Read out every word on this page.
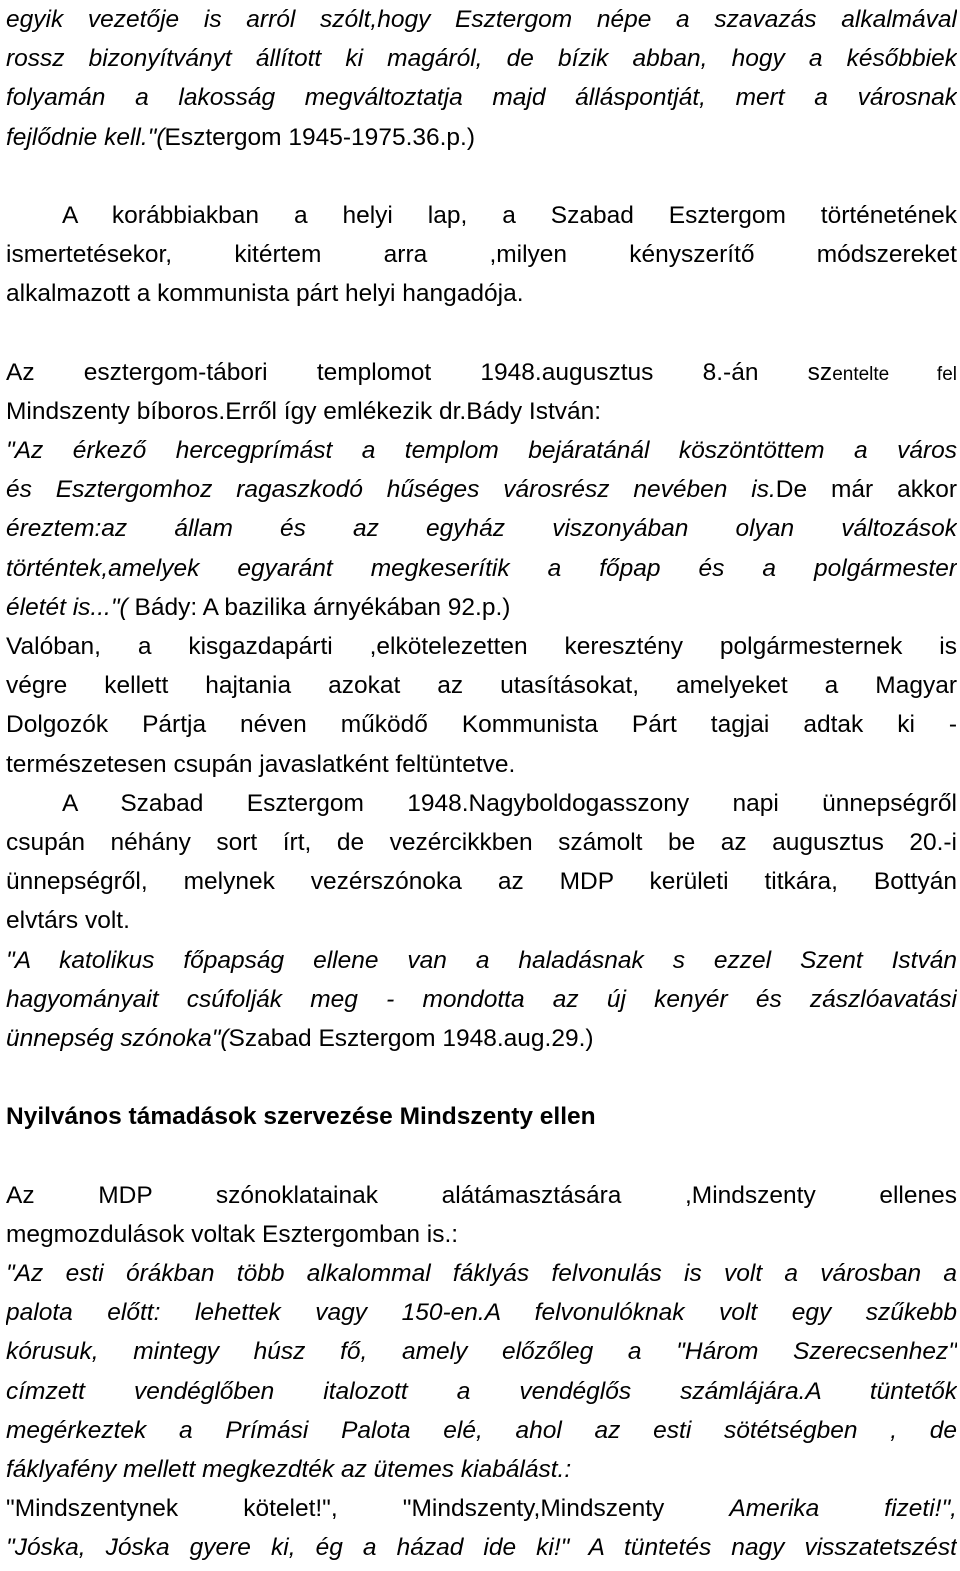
egyik vezetője is arról szólt,hogy Esztergom népe a szavazás alkalmával
rossz bizonyítványt állított ki magáról, de bízik abban, hogy a későbbiek
folyamán a lakosság megváltoztatja majd álláspontját, mert a városnak
fejlődnie kell."(Esztergom 1945-1975.36.p.)
A korábbiakban a helyi lap, a Szabad Esztergom történetének
ismertetésekor, kitértem arra ,milyen kényszerítő módszereket
alkalmazott a kommunista párt helyi hangadója.
Az esztergom-tábori templomot 1948.augusztus 8.-án szentelte fel
Mindszenty bíboros.Erről így emlékezik dr.Bády István:
"Az érkező hercegprímást a templom bejáratánál köszöntöttem a város
és Esztergomhoz ragaszkodó hűséges városrész nevében is.De már akkor
éreztem:az állam és az egyház viszonyában olyan változások
történtek,amelyek egyaránt megkeserítik a főpap és a polgármester
életét is..."( Bády: A bazilika árnyékában 92.p.)
Valóban, a kisgazdapárti ,elkötelezetten keresztény polgármesternek is
végre kellett hajtania azokat az utasításokat, amelyeket a Magyar
Dolgozók Pártja néven működő Kommunista Párt tagjai adtak ki -
természetesen csupán javaslatként feltüntetve.
A Szabad Esztergom 1948.Nagyboldogasszony napi ünnepségről
csupán néhány sort írt, de vezércikkben számolt be az augusztus 20.-i
ünnepségről, melynek vezérszónoka az MDP kerületi titkára, Bottyán
elvtárs volt.
"A katolikus főpapság ellene van a haladásnak s ezzel Szent István
hagyományait csúfolják meg - mondotta az új kenyér és zászlóavatási
ünnepség szónoka"(Szabad Esztergom 1948.aug.29.)
Nyilvános támadások szervezése Mindszenty ellen
Az MDP szónoklatainak alátámasztására ,Mindszenty ellenes
megmozdulások voltak Esztergomban is.:
"Az esti órákban több alkalommal fáklyás felvonulás is volt a városban a
palota előtt: lehettek vagy 150-en.A felvonulóknak volt egy szűkebb
kórusuk, mintegy húsz fő, amely előzőleg a "Három Szerecsenhez"
címzett vendéglőben italozott a vendéglős számlájára.A tüntetők
megérkeztek a Prímási Palota elé, ahol az esti sötétségben , de
fáklyafény mellett megkezdték az ütemes kiabálást.:
"Mindszentynek kötelet!", "Mindszenty,Mindszenty Amerika fizeti!",
"Jóska, Jóska gyere ki, ég a házad ide ki!" A tüntetés nagy visszatetszést
